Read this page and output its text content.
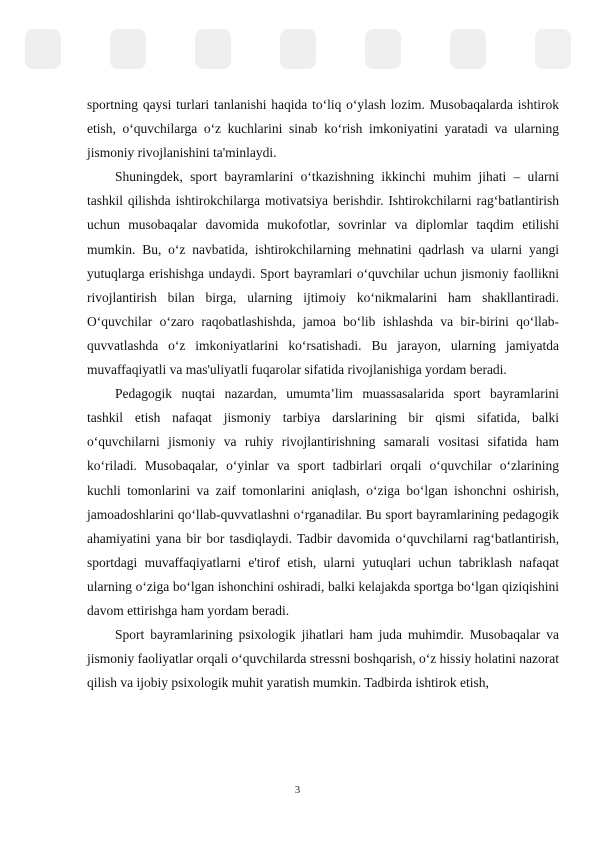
sportning qaysi turlari tanlanishi haqida to‘liq o‘ylash lozim. Musobaqalarda ishtirok etish, o‘quvchilarga o‘z kuchlarini sinab ko‘rish imkoniyatini yaratadi va ularning jismoniy rivojlanishini ta'minlaydi.

Shuningdek, sport bayramlarini o‘tkazishning ikkinchi muhim jihati – ularni tashkil qilishda ishtirokchilarga motivatsiya berishdir. Ishtirokchilarni rag‘batlantirish uchun musobaqalar davomida mukofotlar, sovrinlar va diplomlar taqdim etilishi mumkin. Bu, o‘z navbatida, ishtirokchilarning mehnatini qadrlash va ularni yangi yutuqlarga erishishga undaydi. Sport bayramlari o‘quvchilar uchun jismoniy faollikni rivojlantirish bilan birga, ularning ijtimoiy ko‘nikmalarini ham shakllantiradi. O‘quvchilar o‘zaro raqobatlashishda, jamoa bo‘lib ishlashda va bir-birini qo‘llab-quvvatlashda o‘z imkoniyatlarini ko‘rsatishadi. Bu jarayon, ularning jamiyatda muvaffaqiyatli va mas'uliyatli fuqarolar sifatida rivojlanishiga yordam beradi.

Pedagogik nuqtai nazardan, umumta’lim muassasalarida sport bayramlarini tashkil etish nafaqat jismoniy tarbiya darslarining bir qismi sifatida, balki o‘quvchilarni jismoniy va ruhiy rivojlantirishning samarali vositasi sifatida ham ko‘riladi. Musobaqalar, o‘yinlar va sport tadbirlari orqali o‘quvchilar o‘zlarining kuchli tomonlarini va zaif tomonlarini aniqlash, o‘ziga bo‘lgan ishonchni oshirish, jamoadoshlarini qo‘llab-quvvatlashni o‘rganadilar. Bu sport bayramlarining pedagogik ahamiyatini yana bir bor tasdiqlaydi. Tadbir davomida o‘quvchilarni rag‘batlantirish, sportdagi muvaffaqiyatlarni e'tirof etish, ularni yutuqlari uchun tabriklash nafaqat ularning o‘ziga bo‘lgan ishonchini oshiradi, balki kelajakda sportga bo‘lgan qiziqishini davom ettirishga ham yordam beradi.

Sport bayramlarining psixologik jihatlari ham juda muhimdir. Musobaqalar va jismoniy faoliyatlar orqali o‘quvchilarda stressni boshqarish, o‘z hissiy holatini nazorat qilish va ijobiy psixologik muhit yaratish mumkin. Tadbirda ishtirok etish,

3
